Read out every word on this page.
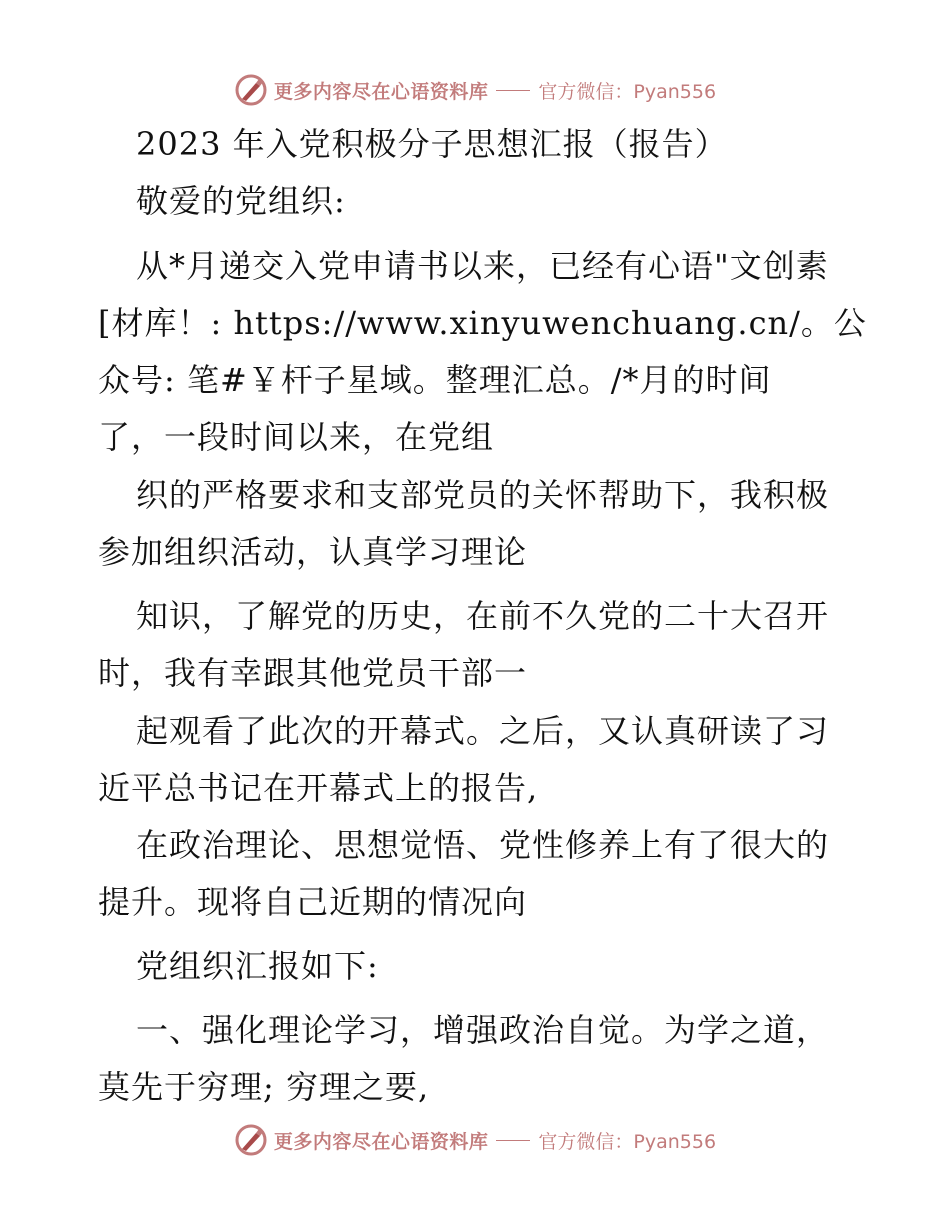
更多内容尽在心语资料库	官方微信：Pyan556
2023 年入党积极分子思想汇报（报告）
敬爱的党组织:
从*月递交入党申请书以来，已经有心语"文创素
[材库！: https://www.xinyuwenchuang.cn/。公
众号: 笔#￥杆子星域。整理汇总。/*月的时间
了，一段时间以来，在党组
织的严格要求和支部党员的关怀帮助下，我积极
参加组织活动，认真学习理论
知识，了解党的历史，在前不久党的二十大召开
时，我有幸跟其他党员干部一
起观看了此次的开幕式。之后，又认真研读了习
近平总书记在开幕式上的报告,
在政治理论、思想觉悟、党性修养上有了很大的
提升。现将自己近期的情况向
党组织汇报如下:
一、强化理论学习，增强政治自觉。为学之道，
莫先于穷理; 穷理之要,
更多内容尽在心语资料库	官方微信：Pyan556
